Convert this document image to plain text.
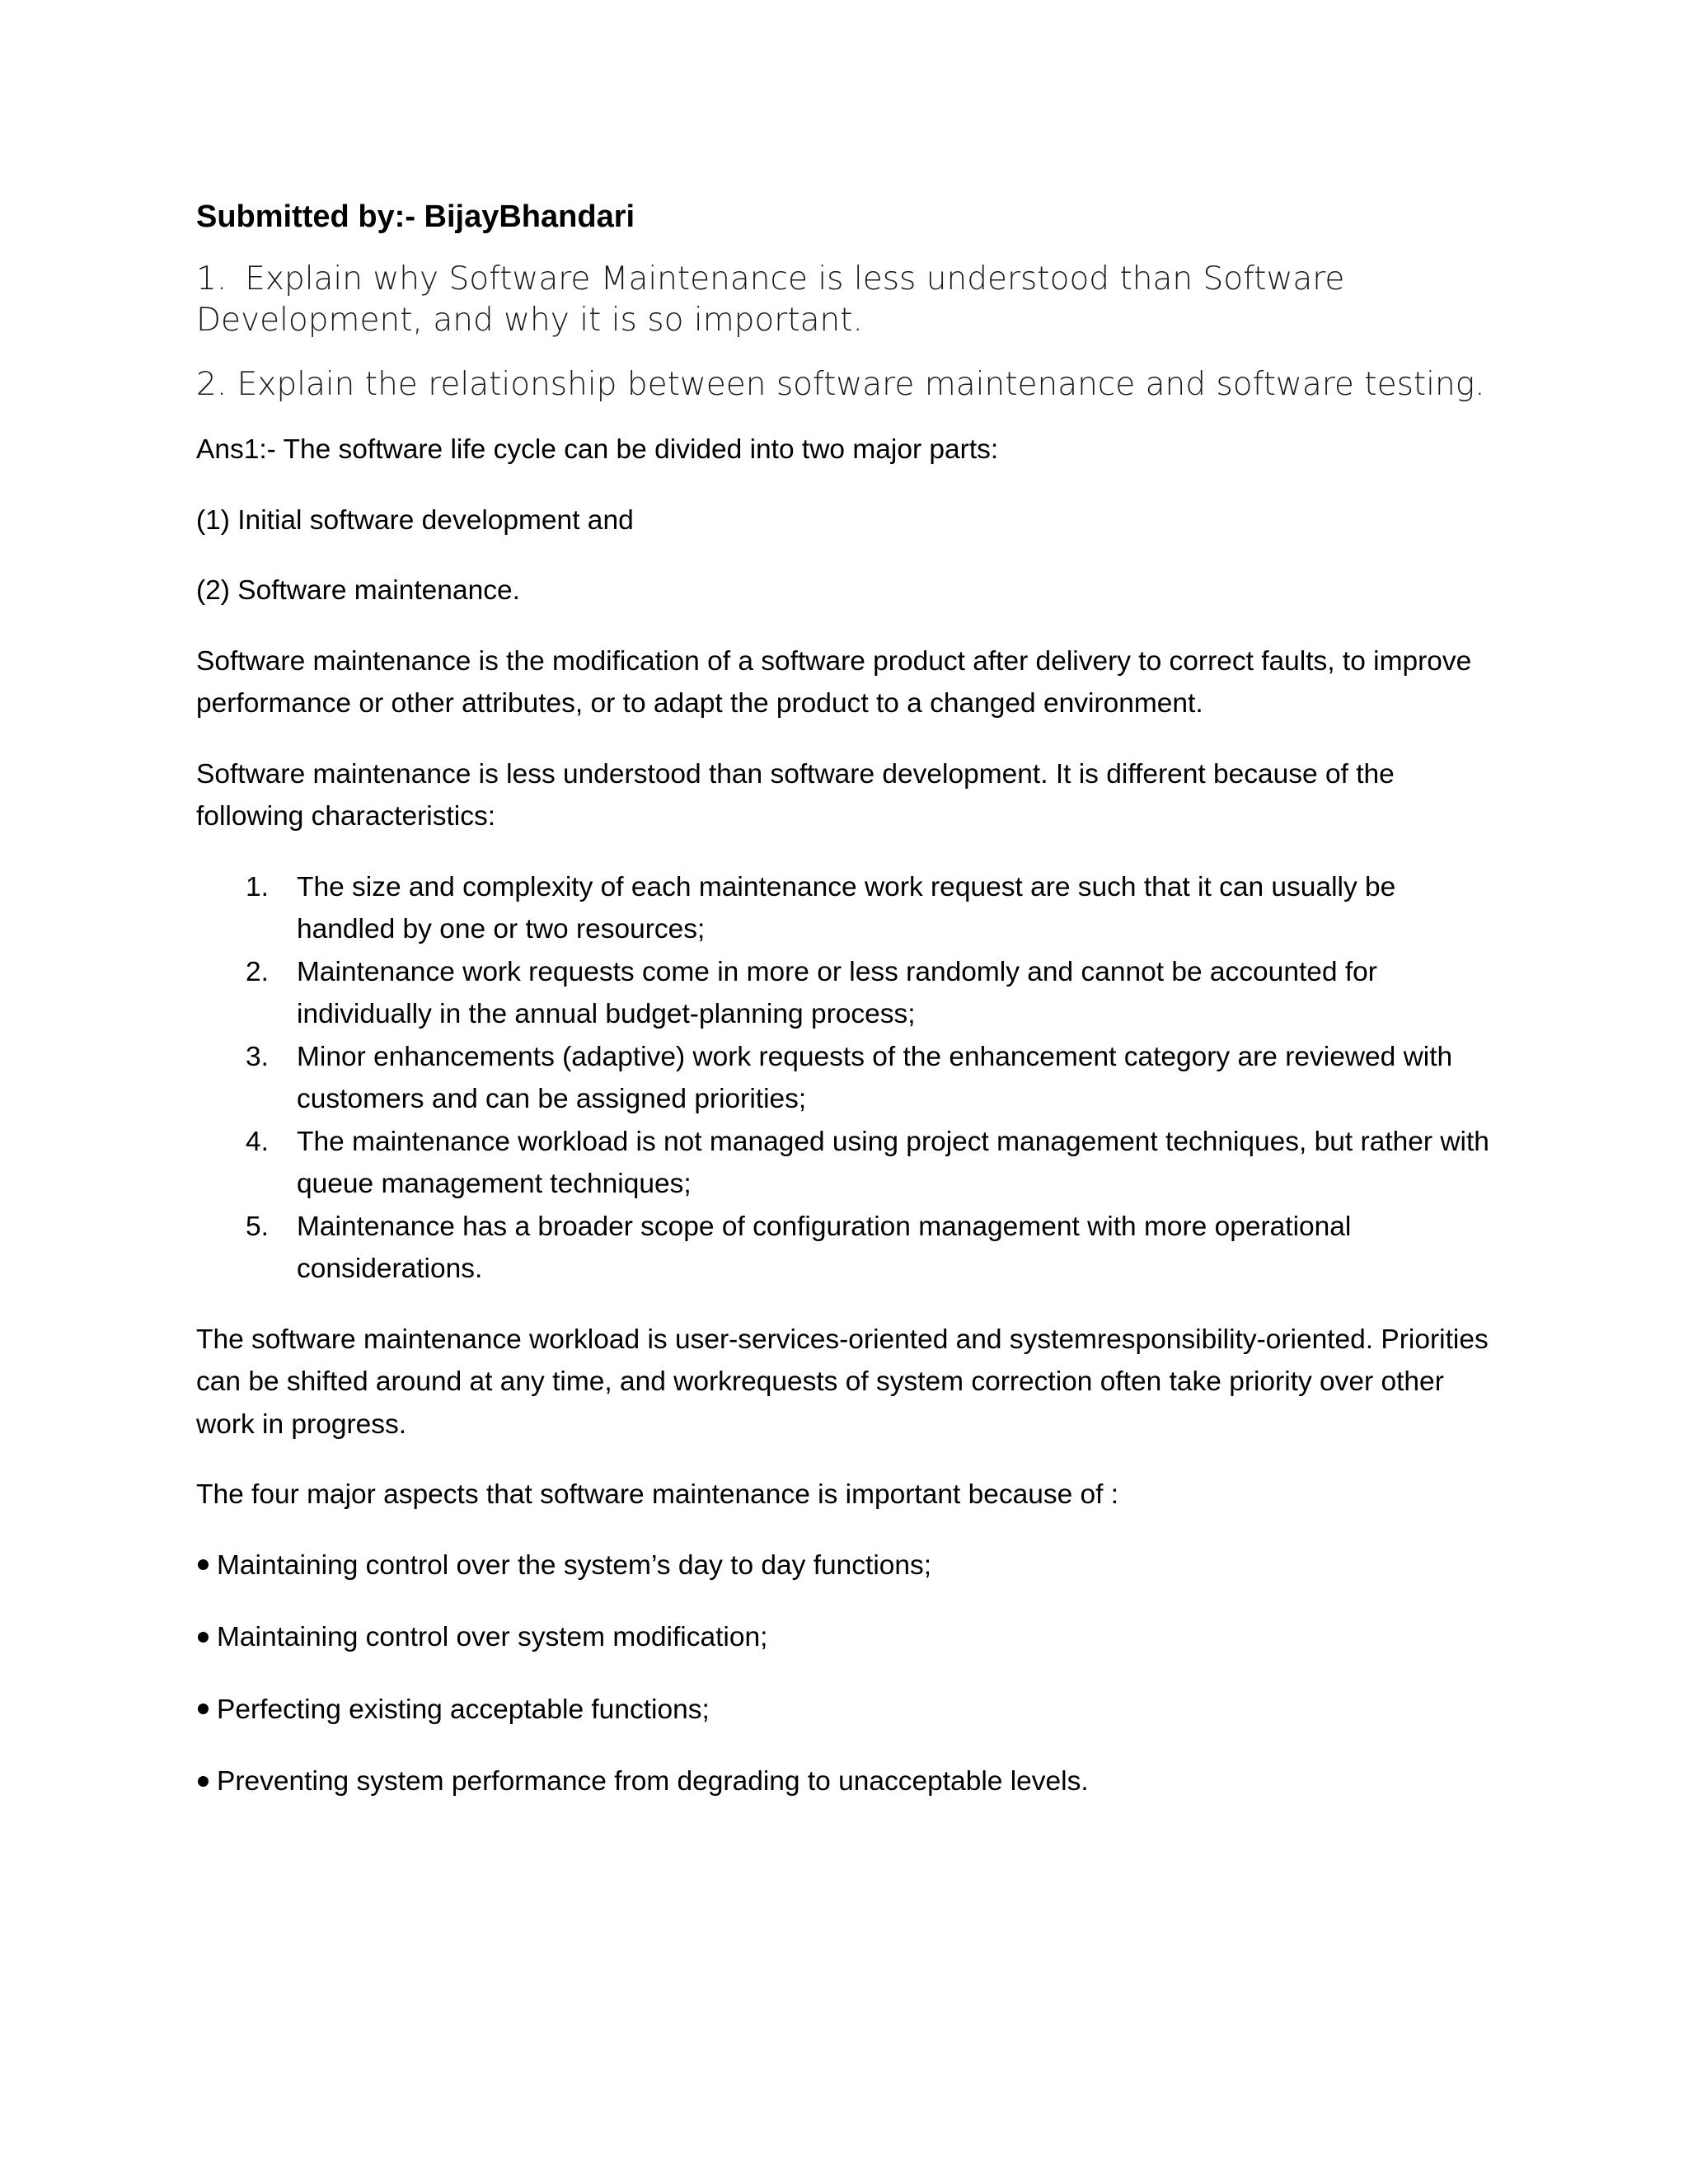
Submitted by:- BijayBhandari

1. Explain why Software Maintenance is less understood than Software Development, and why it is so important.

2. Explain the relationship between software maintenance and software testing.

Ans1:- The software life cycle can be divided into two major parts:

(1) Initial software development and

(2) Software maintenance.

Software maintenance is the modification of a software product after delivery to correct faults, to improve performance or other attributes, or to adapt the product to a changed environment.

Software maintenance is less understood than software development. It is different because of the following characteristics:

1. The size and complexity of each maintenance work request are such that it can usually be handled by one or two resources;
2. Maintenance work requests come in more or less randomly and cannot be accounted for individually in the annual budget-planning process;
3. Minor enhancements (adaptive) work requests of the enhancement category are reviewed with customers and can be assigned priorities;
4. The maintenance workload is not managed using project management techniques, but rather with queue management techniques;
5. Maintenance has a broader scope of configuration management with more operational considerations.

The software maintenance workload is user-services-oriented and systemresponsibility-oriented. Priorities can be shifted around at any time, and workrequests of system correction often take priority over other work in progress.

The four major aspects that software maintenance is important because of :

Maintaining control over the system’s day to day functions;

Maintaining control over system modification;

Perfecting existing acceptable functions;

Preventing system performance from degrading to unacceptable levels.
